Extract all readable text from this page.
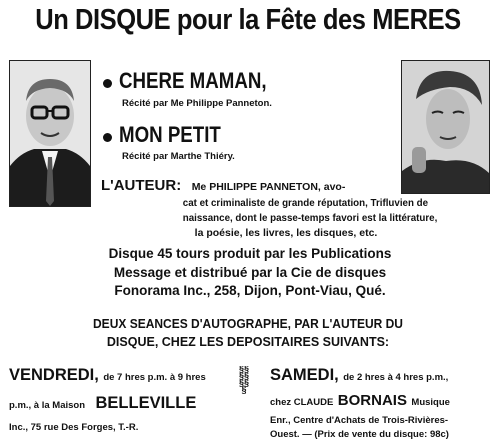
Un DISQUE pour la Fête des MERES
CHERE MAMAN,
Récité par Me Philippe Panneton.
MON PETIT
Récité par Marthe Thiéry.
L'AUTEUR: Me PHILIPPE PANNETON, avo-
cat et criminaliste de grande réputation, Trifluvien de
naissance, dont le passe-temps favori est la littérature,
la poésie, les livres, les disques, etc.
Disque 45 tours produit par les Publications
Message et distribué par la Cie de disques
Fonorama Inc., 258, Dijon, Pont-Viau, Qué.
DEUX SEANCES D'AUTOGRAPHE, PAR L'AUTEUR DU
DISQUE, CHEZ LES DEPOSITAIRES SUIVANTS:
VENDREDI, de 7 hres p.m. à 9 hres
p.m., à la Maison BELLEVILLE
Inc., 75 rue Des Forges, T.-R.
§§§§§§§
SAMEDI, de 2 hres à 4 hres p.m.,
chez CLAUDE BORNAIS Musique
Enr., Centre d'Achats de Trois-Rivières-
Ouest. — (Prix de vente du disque: 98c)
